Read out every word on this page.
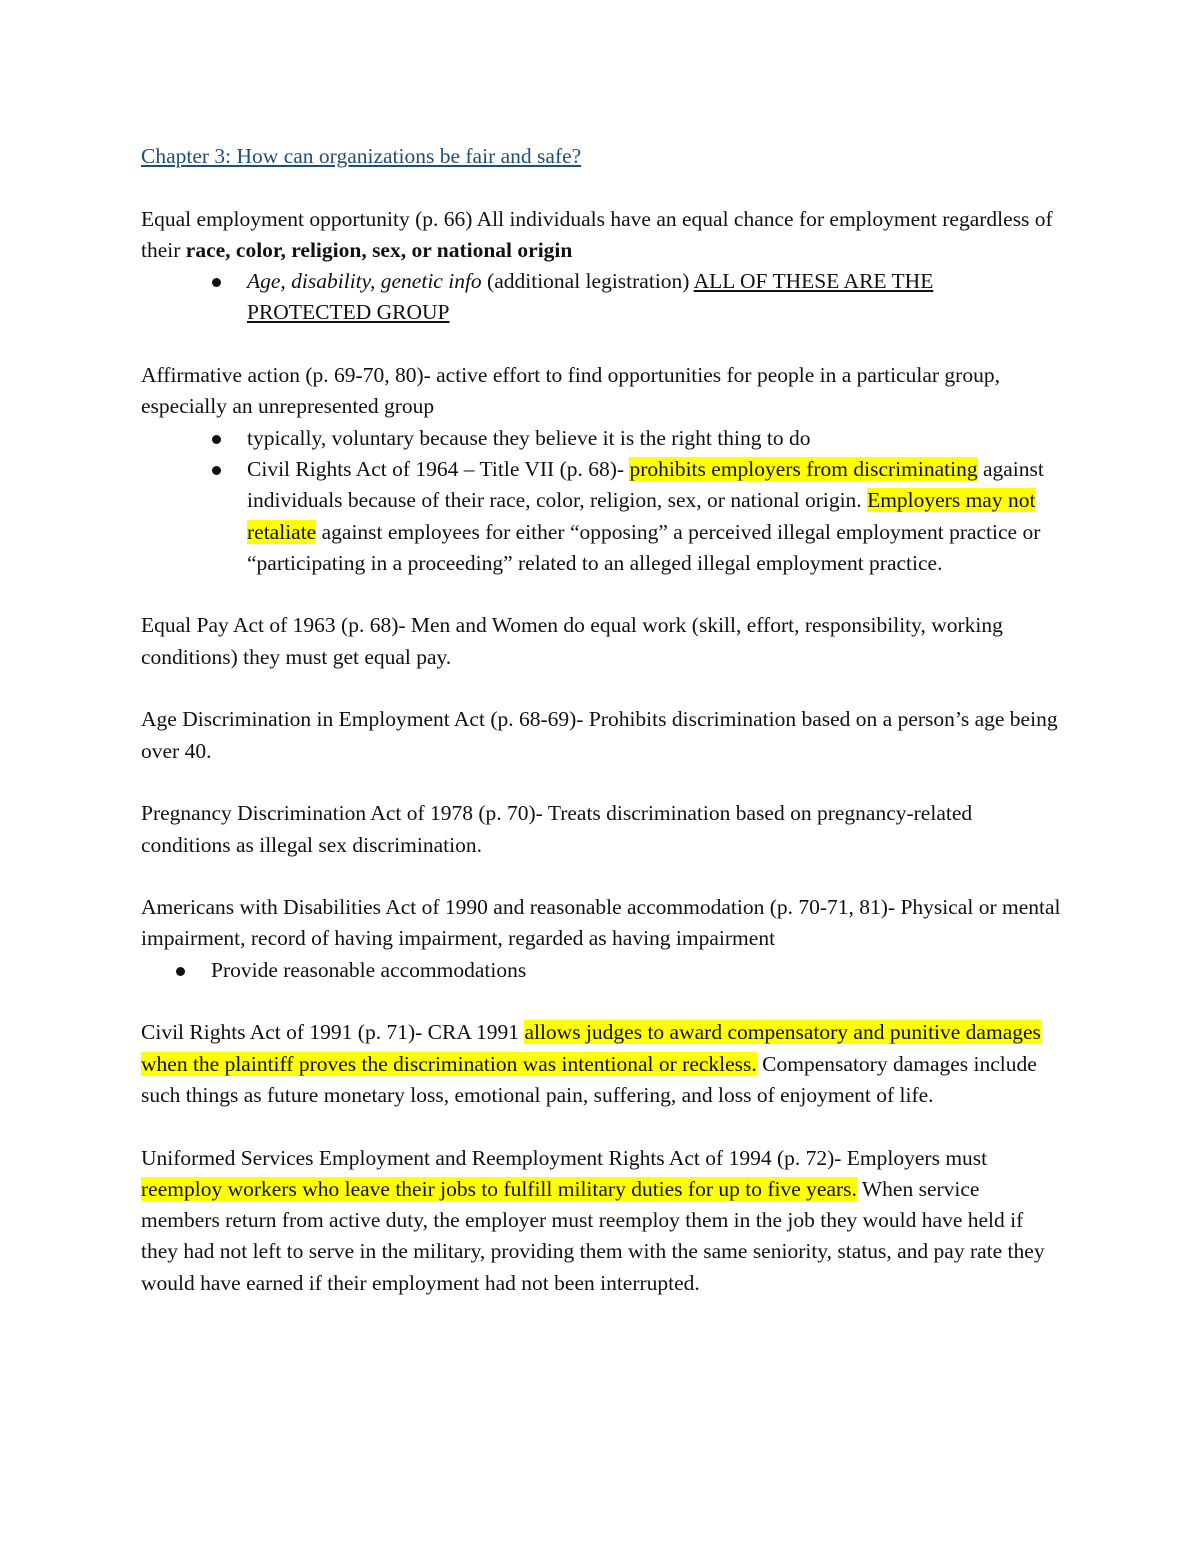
Chapter 3: How can organizations be fair and safe?

Equal employment opportunity (p. 66) All individuals have an equal chance for employment regardless of their race, color, religion, sex, or national origin

Age, disability, genetic info (additional legistration) ALL OF THESE ARE THE PROTECTED GROUP

Affirmative action (p. 69-70, 80)- active effort to find opportunities for people in a particular group, especially an unrepresented group

typically, voluntary because they believe it is the right thing to do
Civil Rights Act of 1964 – Title VII (p. 68)- prohibits employers from discriminating against individuals because of their race, color, religion, sex, or national origin. Employers may not retaliate against employees for either “opposing” a perceived illegal employment practice or “participating in a proceeding” related to an alleged illegal employment practice.

Equal Pay Act of 1963 (p. 68)- Men and Women do equal work (skill, effort, responsibility, working conditions) they must get equal pay.

Age Discrimination in Employment Act (p. 68-69)- Prohibits discrimination based on a person’s age being over 40.

Pregnancy Discrimination Act of 1978 (p. 70)- Treats discrimination based on pregnancy-related conditions as illegal sex discrimination.

Americans with Disabilities Act of 1990 and reasonable accommodation (p. 70-71, 81)- Physical or mental impairment, record of having impairment, regarded as having impairment

Provide reasonable accommodations

Civil Rights Act of 1991 (p. 71)- CRA 1991 allows judges to award compensatory and punitive damages when the plaintiff proves the discrimination was intentional or reckless. Compensatory damages include such things as future monetary loss, emotional pain, suffering, and loss of enjoyment of life.

Uniformed Services Employment and Reemployment Rights Act of 1994 (p. 72)- Employers must reemploy workers who leave their jobs to fulfill military duties for up to five years. When service members return from active duty, the employer must reemploy them in the job they would have held if they had not left to serve in the military, providing them with the same seniority, status, and pay rate they would have earned if their employment had not been interrupted.
